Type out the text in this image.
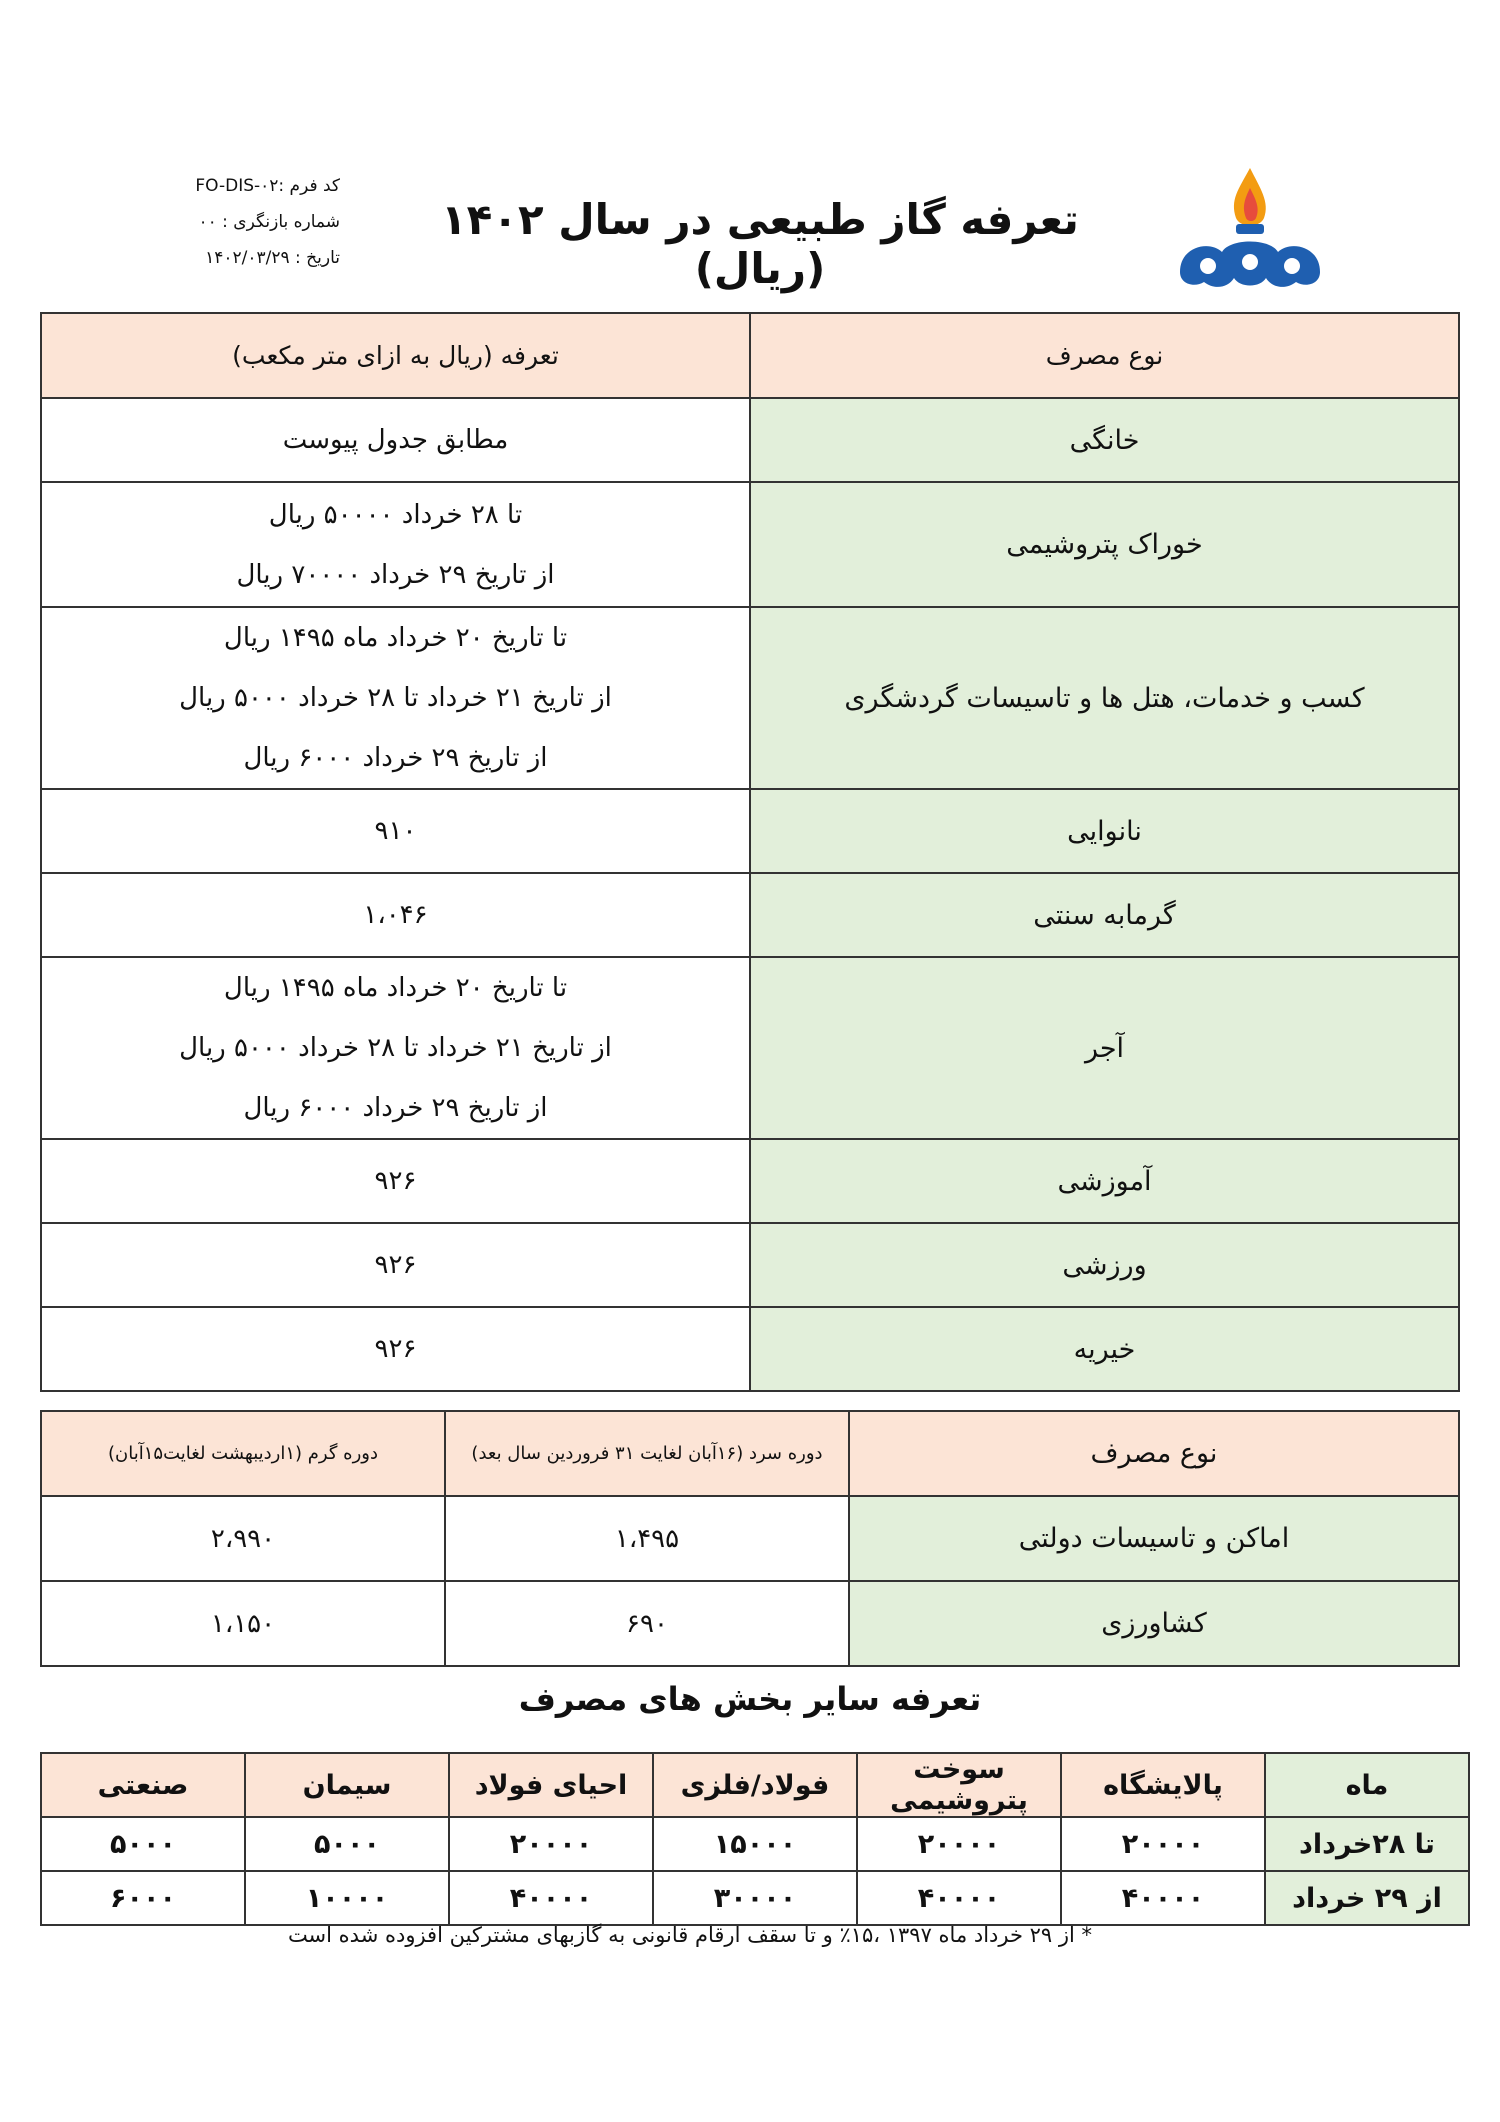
تعرفه گاز طبیعی در سال ۱۴۰۲ (ریال)
کد فرم :FO-DIS-۰۲
شماره بازنگری : ۰۰
تاریخ : ۱۴۰۲/۰۳/۲۹
نوع مصرف	تعرفه (ریال به ازای متر مکعب)
خانگی	مطابق جدول پیوست

خوراک پتروشیمی	تا ۲۸ خرداد ۵۰۰۰۰ ریال
از تاریخ ۲۹ خرداد ۷۰۰۰۰ ریال

کسب و خدمات، هتل ها و تاسیسات گردشگری	تا تاریخ ۲۰ خرداد ماه ۱۴۹۵ ریال
از تاریخ ۲۱ خرداد تا ۲۸ خرداد ۵۰۰۰ ریال
از تاریخ ۲۹ خرداد ۶۰۰۰ ریال

نانوایی	۹۱۰

گرمابه سنتی	۱،۰۴۶

آجر	تا تاریخ ۲۰ خرداد ماه ۱۴۹۵ ریال
از تاریخ ۲۱ خرداد تا ۲۸ خرداد ۵۰۰۰ ریال
از تاریخ ۲۹ خرداد ۶۰۰۰ ریال

آموزشی	۹۲۶

ورزشی	۹۲۶

خیریه	۹۲۶
نوع مصرف	دوره سرد (۱۶آبان لغایت ۳۱ فروردین سال بعد)	دوره گرم (۱اردیبهشت لغایت۱۵آبان)
اماکن و تاسیسات دولتی	۱،۴۹۵	۲،۹۹۰
کشاورزی	۶۹۰	۱،۱۵۰
تعرفه سایر بخش های مصرف
ماه	پالایشگاه	سوخت پتروشیمی	فولاد/فلزی	احیای فولاد	سیمان	صنعتی
تا ۲۸خرداد	۲۰۰۰۰	۲۰۰۰۰	۱۵۰۰۰	۲۰۰۰۰	۵۰۰۰	۵۰۰۰
از ۲۹ خرداد	۴۰۰۰۰	۴۰۰۰۰	۳۰۰۰۰	۴۰۰۰۰	۱۰۰۰۰	۶۰۰۰
* از ۲۹ خرداد ماه ۱۳۹۷ ،۱۵٪ و تا سقف ارقام قانونی به گازبهای مشترکین افزوده شده است
